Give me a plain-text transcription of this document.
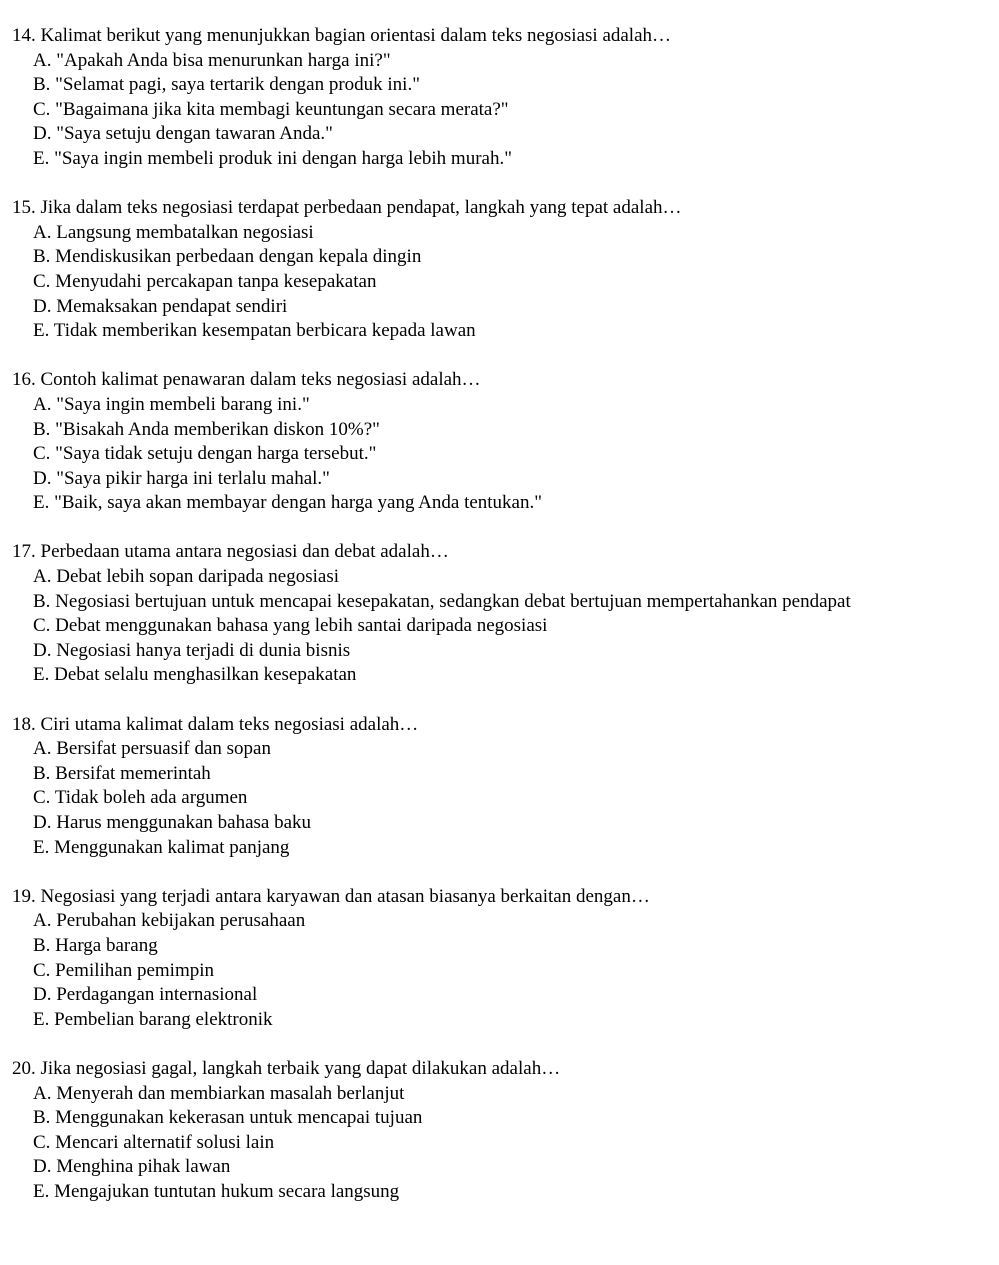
14. Kalimat berikut yang menunjukkan bagian orientasi dalam teks negosiasi adalah…
A. "Apakah Anda bisa menurunkan harga ini?"
B. "Selamat pagi, saya tertarik dengan produk ini."
C. "Bagaimana jika kita membagi keuntungan secara merata?"
D. "Saya setuju dengan tawaran Anda."
E. "Saya ingin membeli produk ini dengan harga lebih murah."
15. Jika dalam teks negosiasi terdapat perbedaan pendapat, langkah yang tepat adalah…
A. Langsung membatalkan negosiasi
B. Mendiskusikan perbedaan dengan kepala dingin
C. Menyudahi percakapan tanpa kesepakatan
D. Memaksakan pendapat sendiri
E. Tidak memberikan kesempatan berbicara kepada lawan
16. Contoh kalimat penawaran dalam teks negosiasi adalah…
A. "Saya ingin membeli barang ini."
B. "Bisakah Anda memberikan diskon 10%?"
C. "Saya tidak setuju dengan harga tersebut."
D. "Saya pikir harga ini terlalu mahal."
E. "Baik, saya akan membayar dengan harga yang Anda tentukan."
17. Perbedaan utama antara negosiasi dan debat adalah…
A. Debat lebih sopan daripada negosiasi
B. Negosiasi bertujuan untuk mencapai kesepakatan, sedangkan debat bertujuan mempertahankan pendapat
C. Debat menggunakan bahasa yang lebih santai daripada negosiasi
D. Negosiasi hanya terjadi di dunia bisnis
E. Debat selalu menghasilkan kesepakatan
18. Ciri utama kalimat dalam teks negosiasi adalah…
A. Bersifat persuasif dan sopan
B. Bersifat memerintah
C. Tidak boleh ada argumen
D. Harus menggunakan bahasa baku
E. Menggunakan kalimat panjang
19. Negosiasi yang terjadi antara karyawan dan atasan biasanya berkaitan dengan…
A. Perubahan kebijakan perusahaan
B. Harga barang
C. Pemilihan pemimpin
D. Perdagangan internasional
E. Pembelian barang elektronik
20. Jika negosiasi gagal, langkah terbaik yang dapat dilakukan adalah…
A. Menyerah dan membiarkan masalah berlanjut
B. Menggunakan kekerasan untuk mencapai tujuan
C. Mencari alternatif solusi lain
D. Menghina pihak lawan
E. Mengajukan tuntutan hukum secara langsung
